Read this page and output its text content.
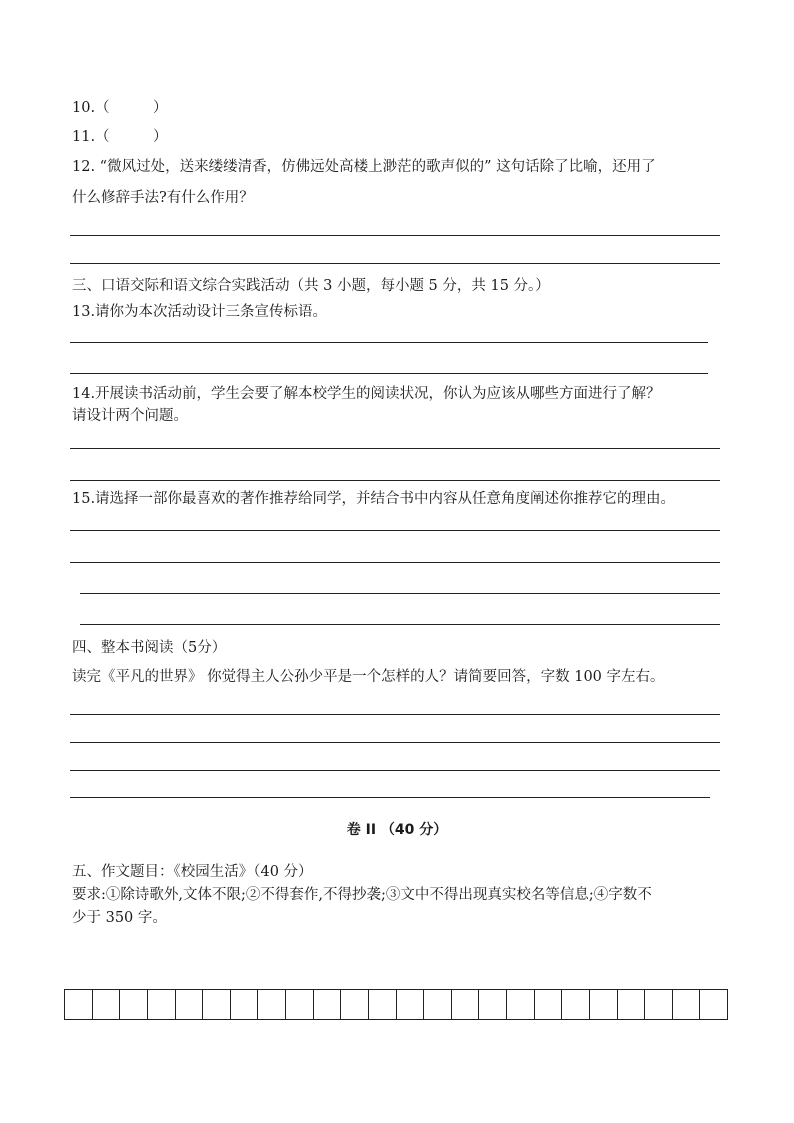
10.（　　　）
11.（　　　）
12. “微风过处，送来缕缕清香，仿佛远处高楼上渺茫的歌声似的” 这句话除了比喻，还用了
什么修辞手法?有什么作用？
三、口语交际和语文综合实践活动（共 3 小题，每小题 5 分，共 15 分。）
13.请你为本次活动设计三条宣传标语。
14.开展读书活动前，学生会要了解本校学生的阅读状况，你认为应该从哪些方面进行了解？
请设计两个问题。
15.请选择一部你最喜欢的著作推荐给同学，并结合书中内容从任意角度阐述你推荐它的理由。
四、整本书阅读（5分）
读完《平凡的世界》 你觉得主人公孙少平是一个怎样的人？请简要回答，字数 100 字左右。
卷 II （40 分）
五、作文题目：《校园生活》（40 分）
要求:①除诗歌外,文体不限;②不得套作,不得抄袭;③文中不得出现真实校名等信息;④字数不
少于 350 字。
